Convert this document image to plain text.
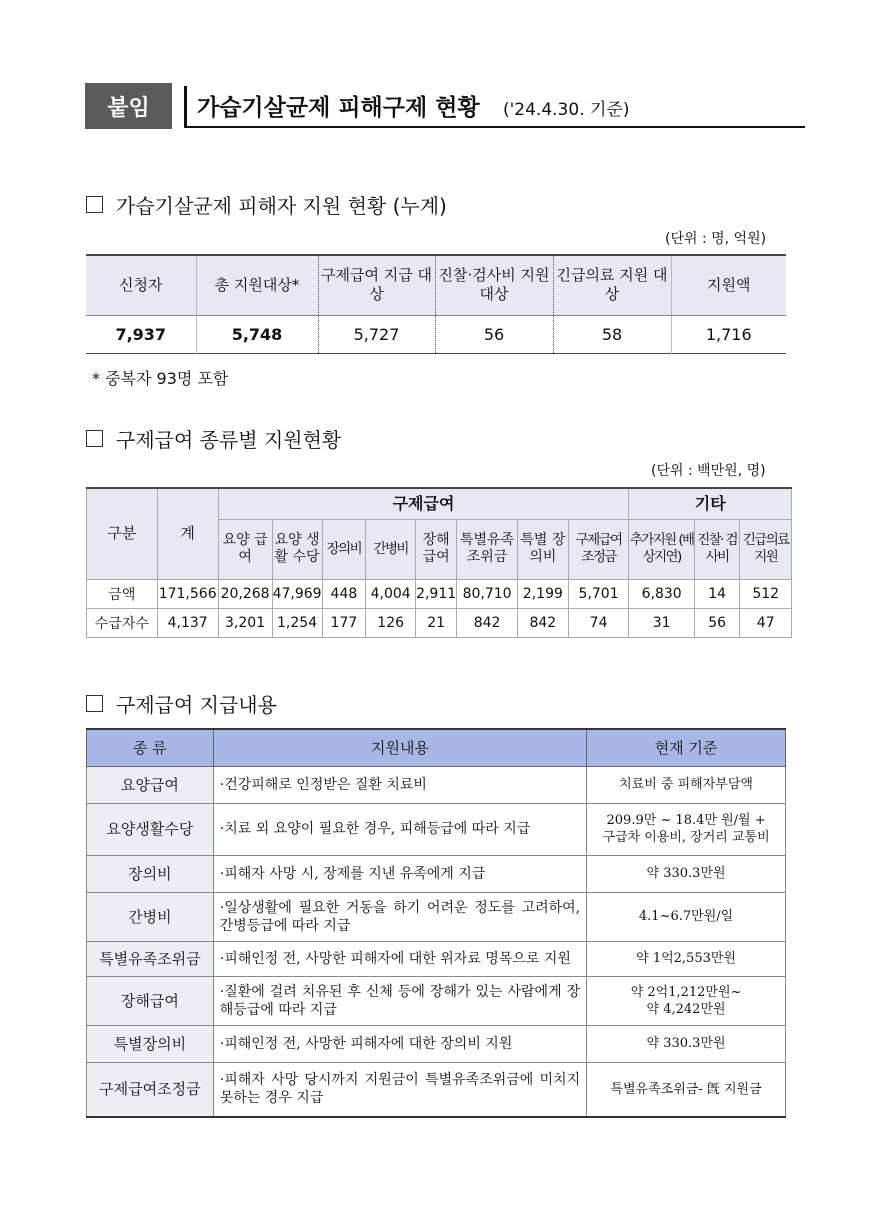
붙임	가습기살균제 피해구제 현황 ('24.4.30. 기준)
가습기살균제 피해자 지원 현황 (누계)
(단위 : 명, 억원)
신청자	총 지원대상*	구제급여 지급 대상	진찰·검사비 지원 대상	긴급의료 지원 대상	지원액
7,937	5,748	5,727	56	58	1,716
* 중복자 93명 포함
구제급여 종류별 지원현황
(단위 : 백만원, 명)
구분	계	구제급여								기타		
		요양 급여	요양 생활 수당	장의비	간병비	장해 급여	특별유족 조위금	특별 장의비	구제급여 조정금	추가지원 (배상지연)	진찰· 검사비	긴급의료 지원
금액	171,566	20,268	47,969	448	4,004	2,911	80,710	2,199	5,701	6,830	14	512
수급자수	4,137	3,201	1,254	177	126	21	842	842	74	31	56	47
구제급여 지급내용
종 류	지원내용	현재 기준
요양급여	·건강피해로 인정받은 질환 치료비	치료비 중 피해자부담액
요양생활수당	·치료 외 요양이 필요한 경우, 피해등급에 따라 지급	209.9만 ~ 18.4만 원/월 + 구급차 이용비, 장거리 교통비
장의비	·피해자 사망 시, 장제를 지낸 유족에게 지급	약 330.3만원
간병비	·일상생활에 필요한 거동을 하기 어려운 정도를 고려하여, 간병등급에 따라 지급	4.1~6.7만원/일
특별유족조위금	·피해인정 전, 사망한 피해자에 대한 위자료 명목으로 지원	약 1억2,553만원
장해급여	·질환에 걸려 치유된 후 신체 등에 장해가 있는 사람에게 장해등급에 따라 지급	약 2억1,212만원~ 약 4,242만원
특별장의비	·피해인정 전, 사망한 피해자에 대한 장의비 지원	약 330.3만원
구제급여조정금	·피해자 사망 당시까지 지원금이 특별유족조위금에 미치지 못하는 경우 지급	특별유족조위금- 旣 지원금
